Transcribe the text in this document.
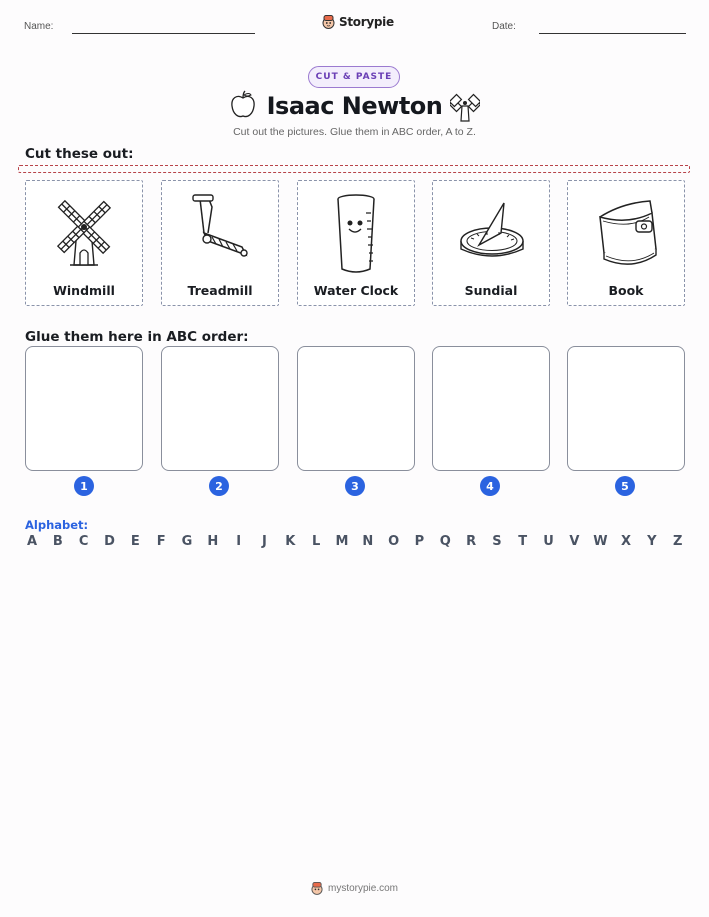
Name:	Storypie	Date:
CUT & PASTE
Isaac Newton
Cut out the pictures. Glue them in ABC order, A to Z.
Cut these out:
Windmill	Treadmill	Water Clock	Sundial	Book
Glue them here in ABC order:
1	2	3	4	5
Alphabet:
A B C D E F G H	I	J	K L M N O P Q R S T U V W X Y Z
mystorypie.com
